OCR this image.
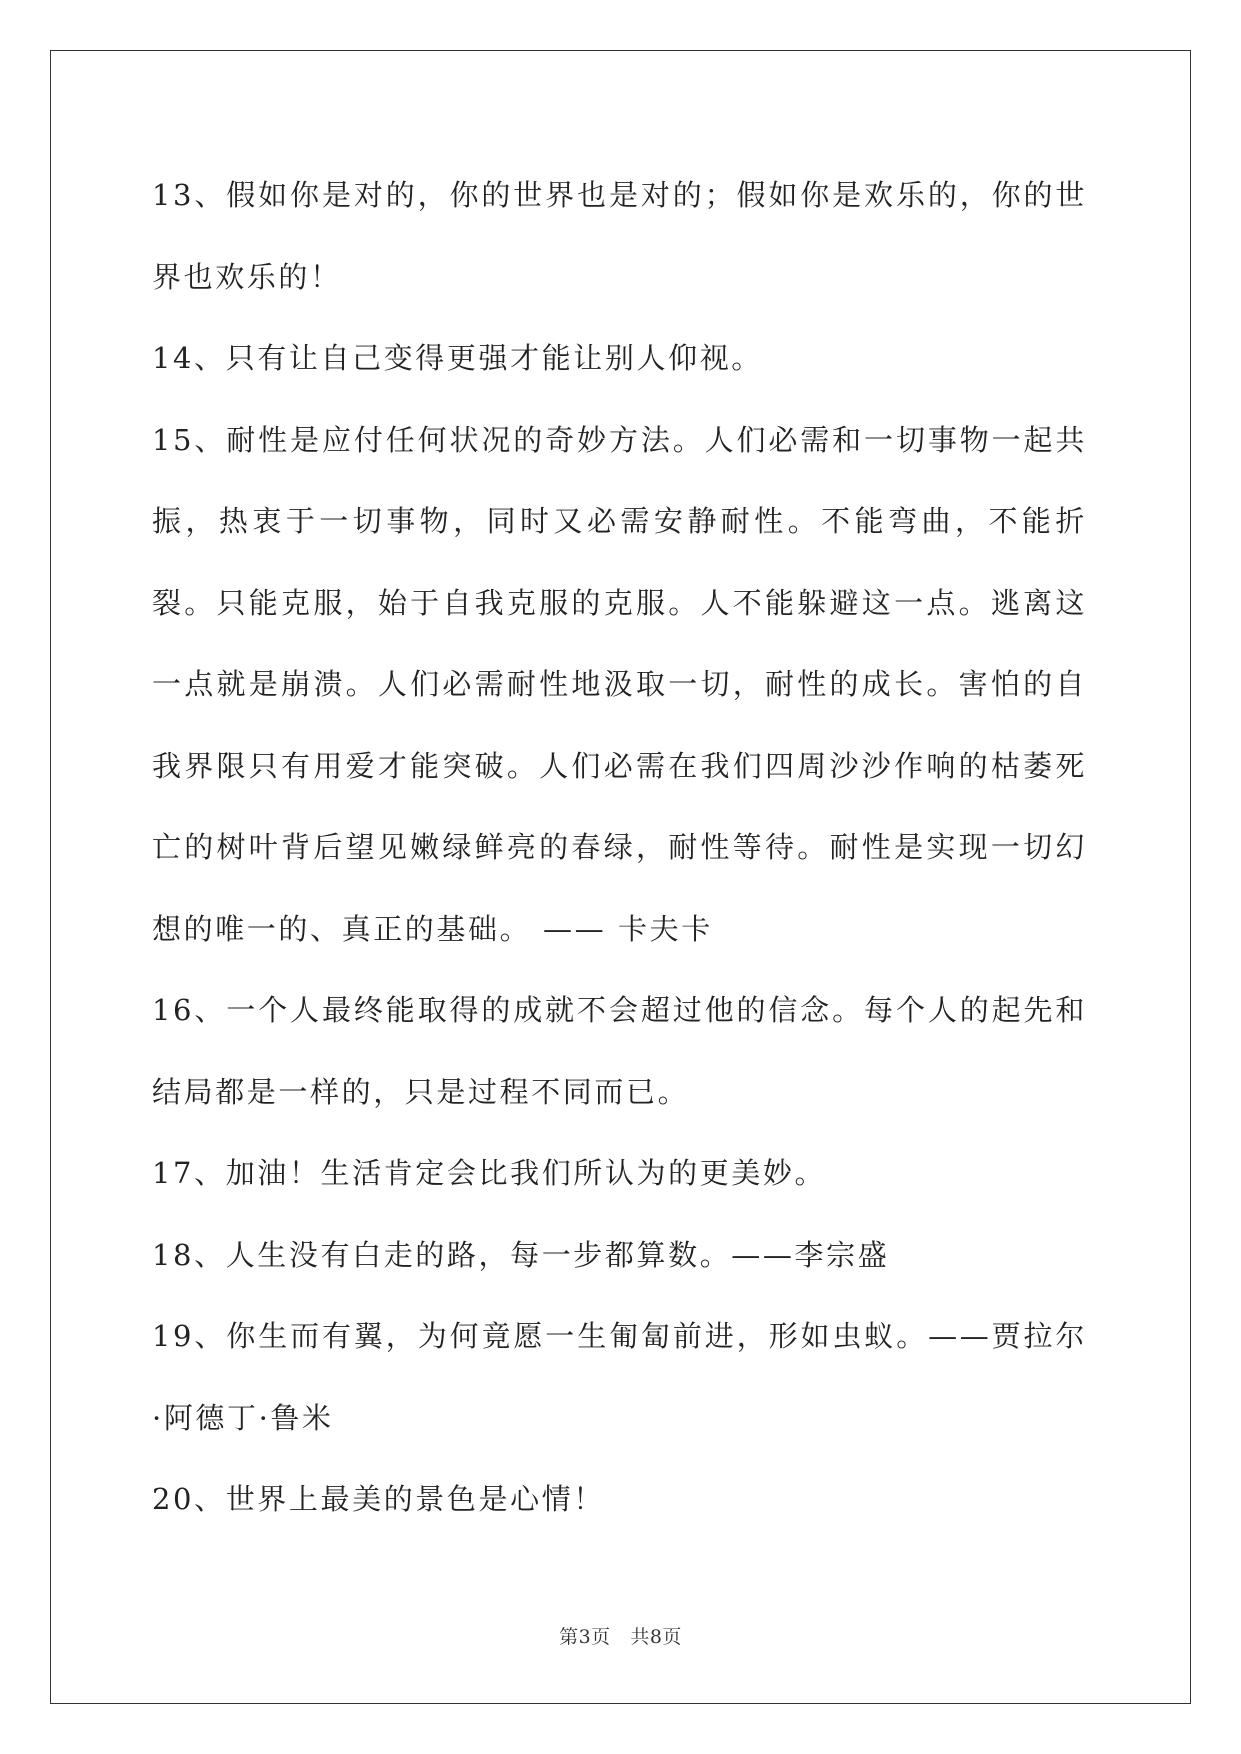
13、假如你是对的，你的世界也是对的；假如你是欢乐的，你的世界也欢乐的！

14、只有让自己变得更强才能让别人仰视。

15、耐性是应付任何状况的奇妙方法。人们必需和一切事物一起共振，热衷于一切事物，同时又必需安静耐性。不能弯曲，不能折裂。只能克服，始于自我克服的克服。人不能躲避这一点。逃离这一点就是崩溃。人们必需耐性地汲取一切，耐性的成长。害怕的自我界限只有用爱才能突破。人们必需在我们四周沙沙作响的枯萎死亡的树叶背后望见嫩绿鲜亮的春绿，耐性等待。耐性是实现一切幻想的唯一的、真正的基础。 —— 卡夫卡

16、一个人最终能取得的成就不会超过他的信念。每个人的起先和结局都是一样的，只是过程不同而已。

17、加油！生活肯定会比我们所认为的更美妙。

18、人生没有白走的路，每一步都算数。——李宗盛

19、你生而有翼，为何竟愿一生匍匐前进，形如虫蚁。——贾拉尔·阿德丁·鲁米

20、世界上最美的景色是心情！

第3页 共8页
